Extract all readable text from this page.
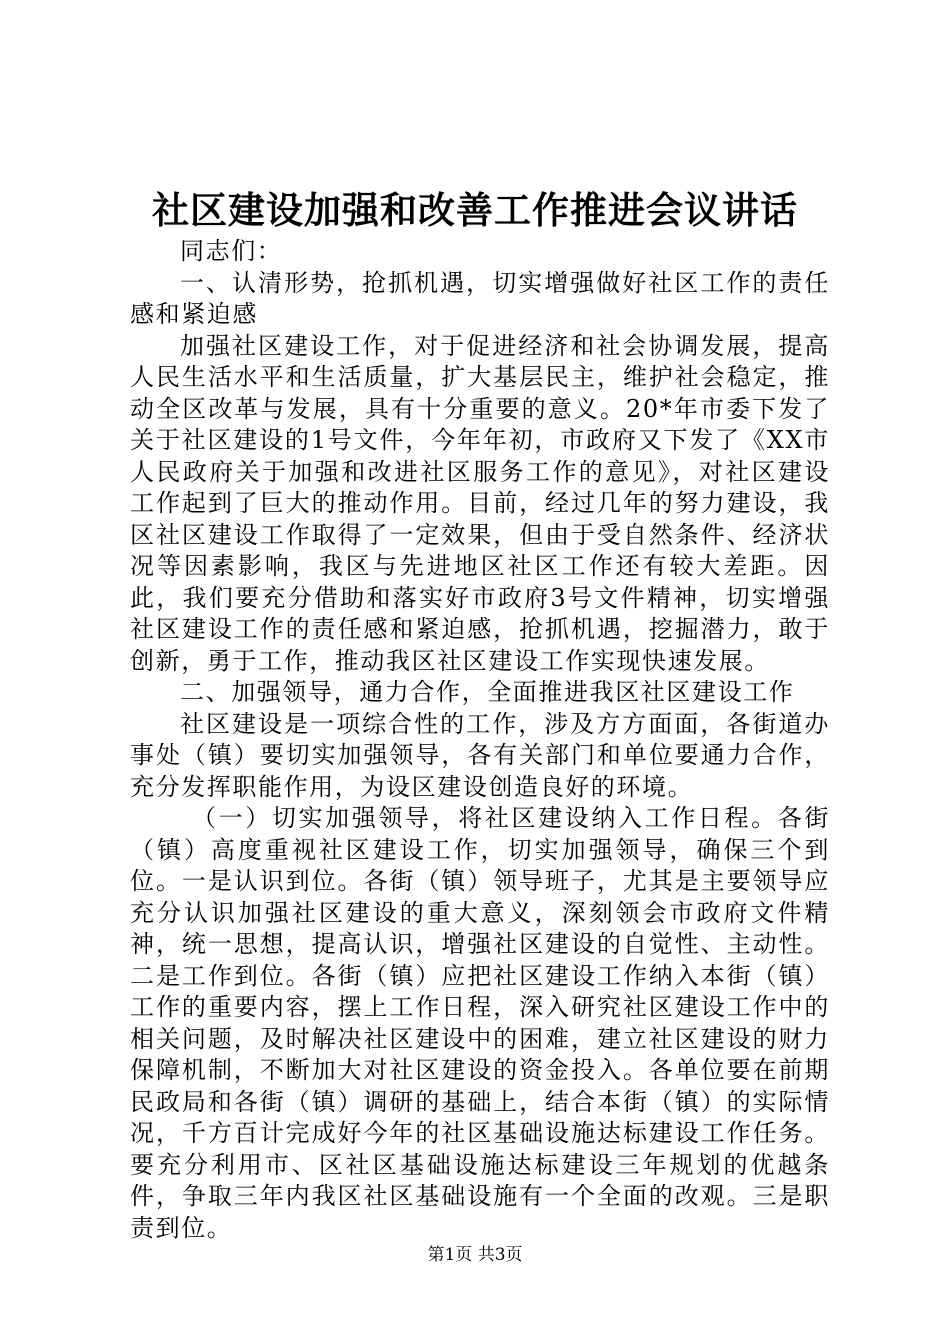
社区建设加强和改善工作推进会议讲话

同志们：

一、认清形势，抢抓机遇，切实增强做好社区工作的责任感和紧迫感

加强社区建设工作，对于促进经济和社会协调发展，提高人民生活水平和生活质量，扩大基层民主，维护社会稳定，推动全区改革与发展，具有十分重要的意义。20*年市委下发了关于社区建设的1号文件，今年年初，市政府又下发了《XX市人民政府关于加强和改进社区服务工作的意见》，对社区建设工作起到了巨大的推动作用。目前，经过几年的努力建设，我区社区建设工作取得了一定效果，但由于受自然条件、经济状况等因素影响，我区与先进地区社区工作还有较大差距。因此，我们要充分借助和落实好市政府3号文件精神，切实增强社区建设工作的责任感和紧迫感，抢抓机遇，挖掘潜力，敢于创新，勇于工作，推动我区社区建设工作实现快速发展。

二、加强领导，通力合作，全面推进我区社区建设工作

社区建设是一项综合性的工作，涉及方方面面，各街道办事处（镇）要切实加强领导，各有关部门和单位要通力合作，充分发挥职能作用，为设区建设创造良好的环境。

（一）切实加强领导，将社区建设纳入工作日程。各街（镇）高度重视社区建设工作，切实加强领导，确保三个到位。一是认识到位。各街（镇）领导班子，尤其是主要领导应充分认识加强社区建设的重大意义，深刻领会市政府文件精神，统一思想，提高认识，增强社区建设的自觉性、主动性。二是工作到位。各街（镇）应把社区建设工作纳入本街（镇）工作的重要内容，摆上工作日程，深入研究社区建设工作中的相关问题，及时解决社区建设中的困难，建立社区建设的财力保障机制，不断加大对社区建设的资金投入。各单位要在前期民政局和各街（镇）调研的基础上，结合本街（镇）的实际情况，千方百计完成好今年的社区基础设施达标建设工作任务。要充分利用市、区社区基础设施达标建设三年规划的优越条件，争取三年内我区社区基础设施有一个全面的改观。三是职责到位。

第1页 共3页
